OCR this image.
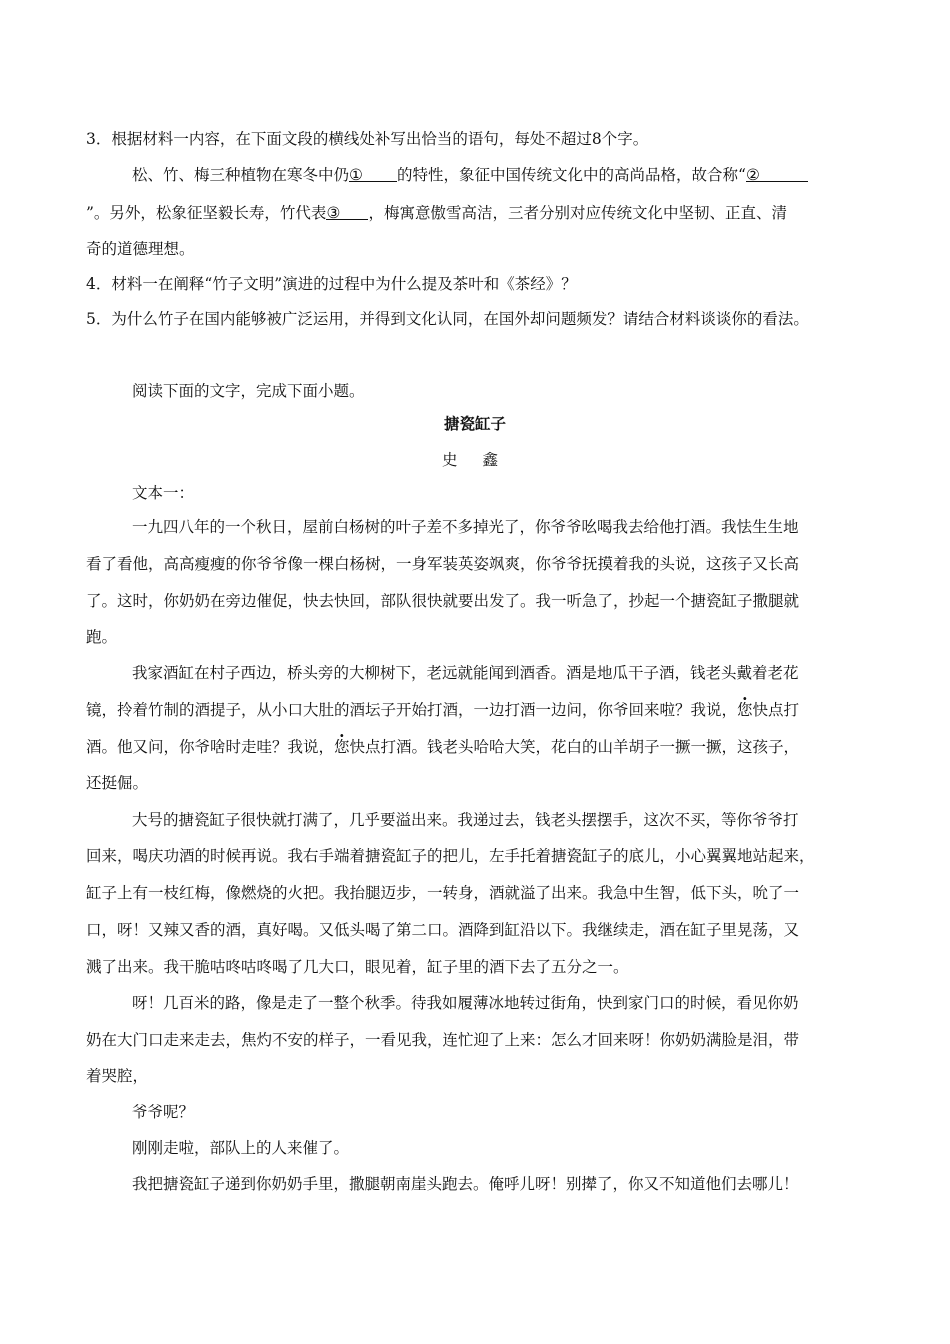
3．根据材料一内容，在下面文段的横线处补写出恰当的语句，每处不超过8个字。
松、竹、梅三种植物在寒冬中仍① 的特性，象征中国传统文化中的高尚品格，故合称“②
”。另外，松象征坚毅长寿，竹代表③ ，梅寓意傲雪高洁，三者分别对应传统文化中坚韧、正直、清
奇的道德理想。
4．材料一在阐释“竹子文明”演进的过程中为什么提及茶叶和《茶经》？
5．为什么竹子在国内能够被广泛运用，并得到文化认同，在国外却问题频发？请结合材料谈谈你的看法。
阅读下面的文字，完成下面小题。
搪瓷缸子
史 鑫
文本一：
一九四八年的一个秋日，屋前白杨树的叶子差不多掉光了，你爷爷吆喝我去给他打酒。我怯生生地
看了看他，高高瘦瘦的你爷爷像一棵白杨树，一身军装英姿飒爽，你爷爷抚摸着我的头说，这孩子又长高
了。这时，你奶奶在旁边催促，快去快回，部队很快就要出发了。我一听急了，抄起一个搪瓷缸子撒腿就
跑。
我家酒缸在村子西边，桥头旁的大柳树下，老远就能闻到酒香。酒是地瓜干子酒，钱老头戴着老花
镜，拎着竹制的酒提子，从小口大肚的酒坛子开始打酒，一边打酒一边问，你爷回来啦？我说，您快点打
酒。他又问，你爷啥时走哇？我说，您快点打酒。钱老头哈哈大笑，花白的山羊胡子一撅一撅，这孩子，
还挺倔。
大号的搪瓷缸子很快就打满了，几乎要溢出来。我递过去，钱老头摆摆手，这次不买，等你爷爷打
回来，喝庆功酒的时候再说。我右手端着搪瓷缸子的把儿，左手托着搪瓷缸子的底儿，小心翼翼地站起来，
缸子上有一枝红梅，像燃烧的火把。我抬腿迈步，一转身，酒就溢了出来。我急中生智，低下头，吮了一
口，呀！又辣又香的酒，真好喝。又低头喝了第二口。酒降到缸沿以下。我继续走，酒在缸子里晃荡，又
溅了出来。我干脆咕咚咕咚喝了几大口，眼见着，缸子里的酒下去了五分之一。
呀！几百米的路，像是走了一整个秋季。待我如履薄冰地转过街角，快到家门口的时候，看见你奶
奶在大门口走来走去，焦灼不安的样子，一看见我，连忙迎了上来：怎么才回来呀！你奶奶满脸是泪，带
着哭腔，
爷爷呢？
刚刚走啦，部队上的人来催了。
我把搪瓷缸子递到你奶奶手里，撒腿朝南崖头跑去。俺呼儿呀！别撵了，你又不知道他们去哪儿！
